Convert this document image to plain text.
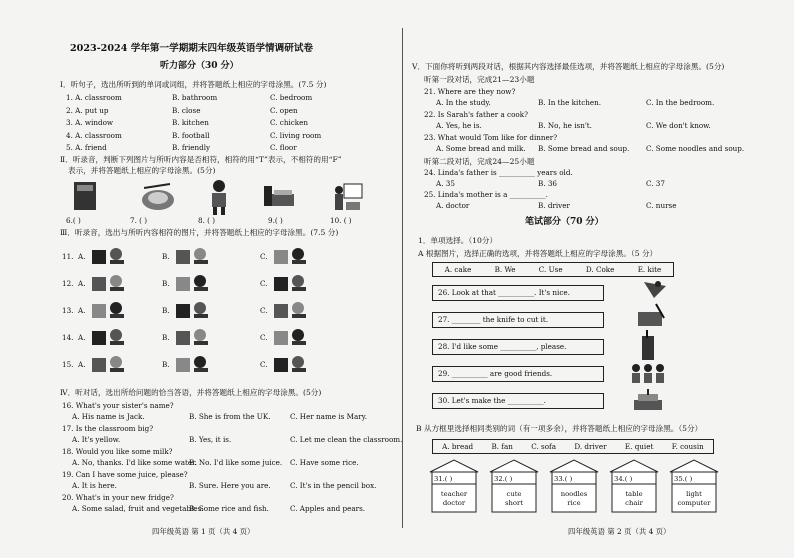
2023-2024 学年第一学期期末四年级英语学情调研试卷
听力部分（30 分）
Ⅰ．听句子，选出所听到的单词或词组，并将答题纸上相应的字母涂黑。(7.5 分)
1. A. classroom	B. bathroom	C. bedroom
2. A. put up	B. close	C. open
3. A. window	B. kitchen	C. chicken
4. A. classroom	B. football	C. living room
5. A. friend	B. friendly	C. floor
Ⅱ．听录音，判断下列图片与所听内容是否相符，相符的用“T”表示，不相符的用“F”
表示，并将答题纸上相应的字母涂黑。(5分)
6.( )	7. ( )	8. ( )	9.( )	10. ( )
Ⅲ．听录音，选出与所听内容相符的图片，并将答题纸上相应的字母涂黑。(7.5 分)
11. A.	B.	C.
12. A.	B.	C.
13. A.	B.	C.
14. A.	B.	C.
15. A.	B.	C.
Ⅳ．听对话，选出所给问题的恰当答语，并将答题纸上相应的字母涂黑。(5分)
16. What's your sister's name?
A. His name is Jack.	B. She is from the UK.	C. Her name is Mary.
17. Is the classroom big?
A. It's yellow.	B. Yes, it is.	C. Let me clean the classroom.
18. Would you like some milk?
A. No, thanks. I'd like some water.
B. No. I'd like some juice. C. Have some rice.
19. Can I have some juice, please?
A. It is here.	B. Sure. Here you are.	C. It's in the pencil box.
20. What's in your new fridge?
A. Some salad, fruit and vegetables.
B. Some rice and fish.	C. Apples and pears.
四年级英语 第 1 页（共 4 页）
Ⅴ．下面你将听到两段对话，根据其内容选择最佳选项，并将答题纸上相应的字母涂黑。(5分)
听第一段对话，完成21—23小题
21. Where are they now?
A. In the study.	B. In the kitchen.	C. In the bedroom.
22. Is Sarah's father a cook?
A. Yes, he is.	B. No, he isn't.	C. We don't know.
23. What would Tom like for dinner?
A. Some bread and milk. B. Some bread and soup. C. Some noodles and soup.
听第二段对话，完成24—25小题
24. Linda's father is __________ years old.
A. 35	B. 36	C. 37
25. Linda's mother is a __________.
A. doctor	B. driver	C. nurse
笔试部分（70 分）
1．单项选择。（10分）
A 根据图片，选择正确的选项，并将答题纸上相应的字母涂黑。（5 分）
A. cake	B. We	C. Use	D. Coke	E. kite
26. Look at that __________. It's nice.
27. ________ the knife to cut it.
28. I'd like some __________, please.
29. __________ are good friends.
30. Let's make the __________.
B 从方框里选择相同类别的词（有一项多余），并将答题纸上相应的字母涂黑。（5分）
A. bread	B. fan	C. sofa	D. driver	E. quiet	F. cousin
31.( )
teacher
doctor
32.( )
cute
short
33.( )
noodles
rice
34.( )
table
chair
35.( )
light
computer
四年级英语 第 2 页（共 4 页）
